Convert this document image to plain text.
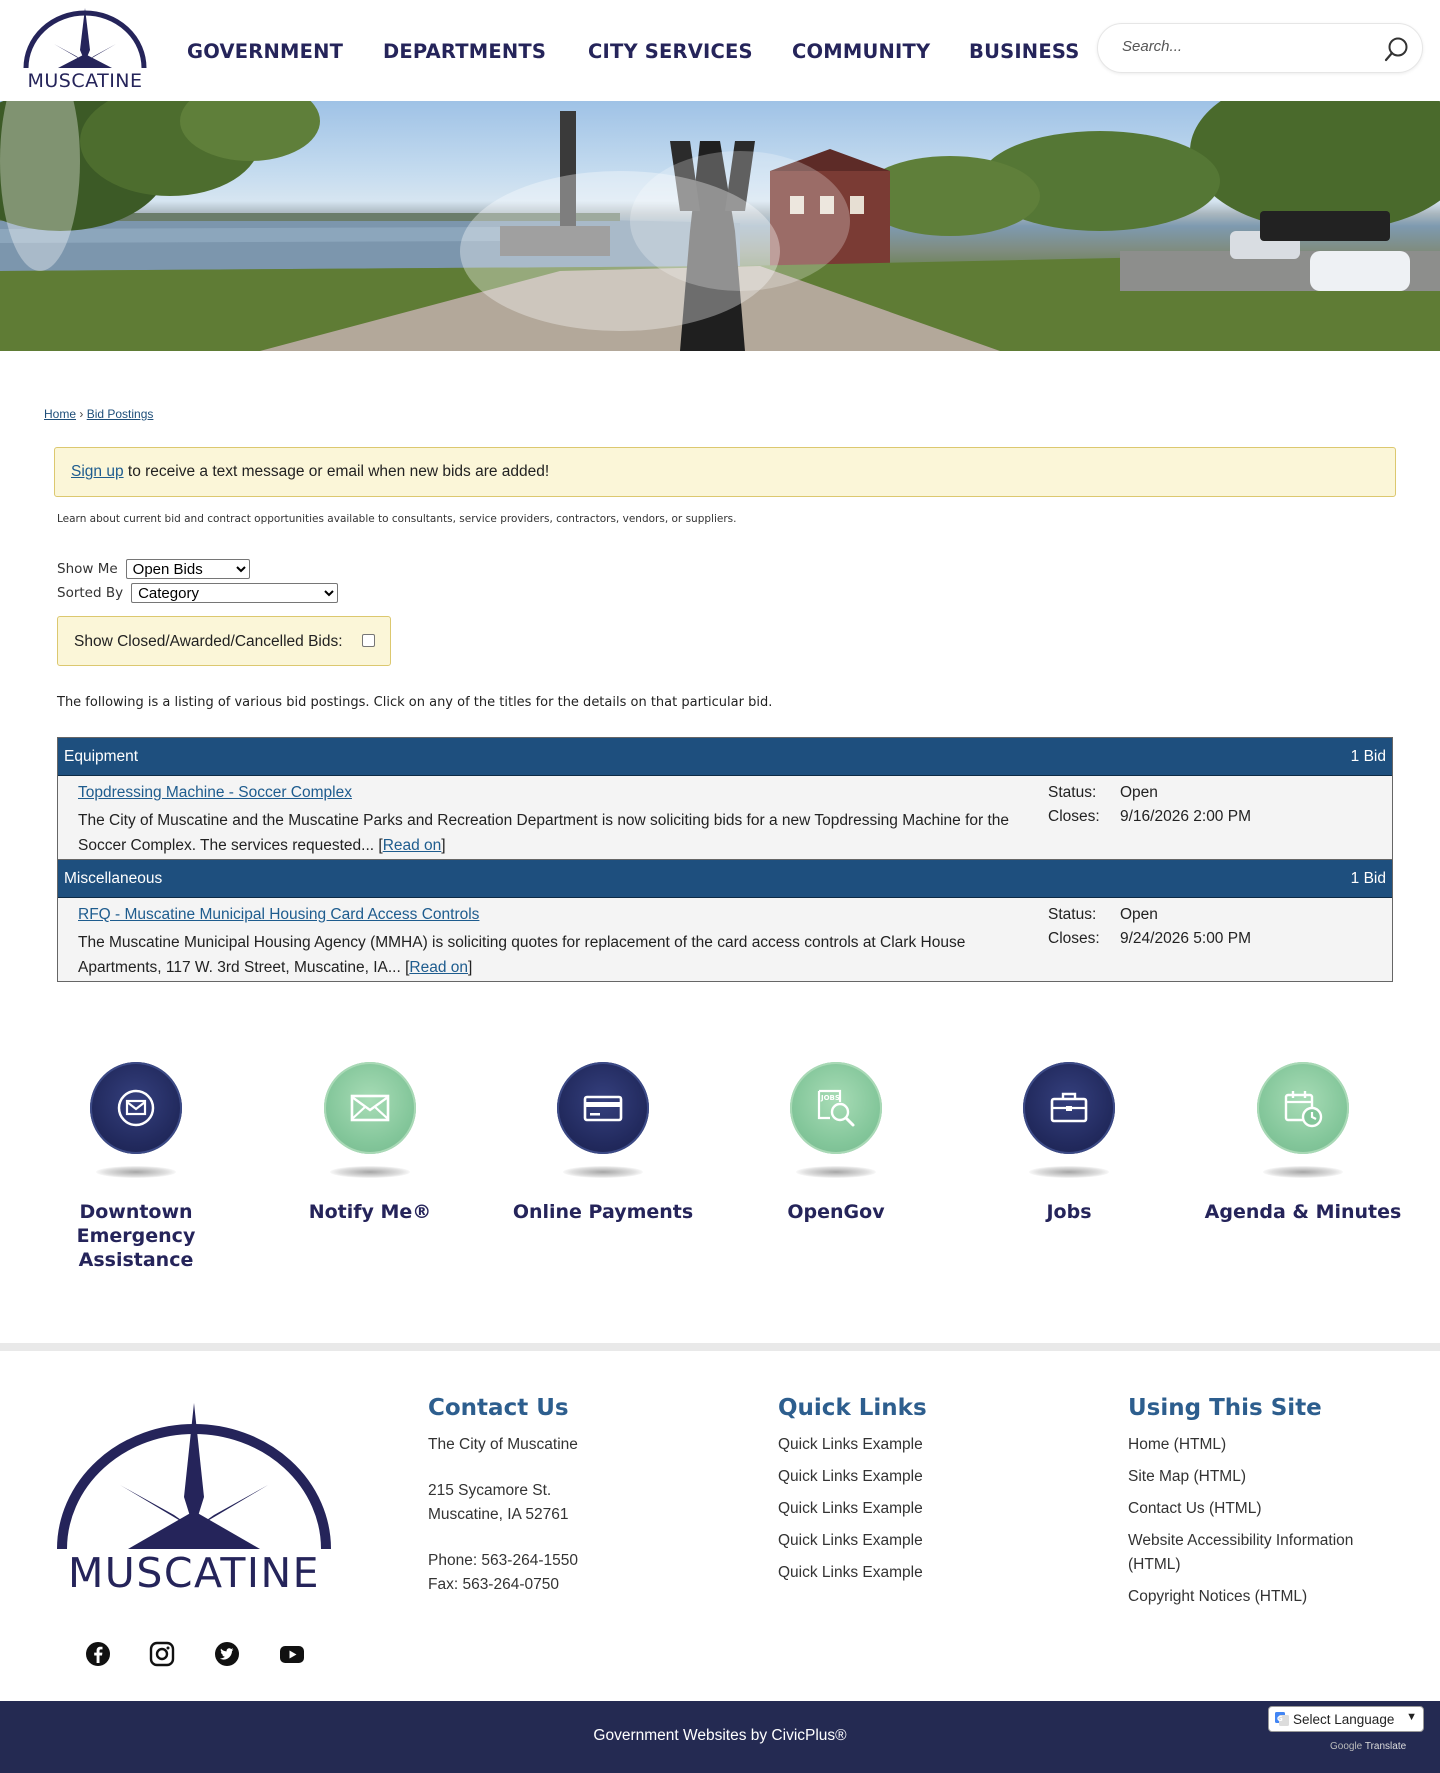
MUSCATINE
GOVERNMENT DEPARTMENTS CITY SERVICES COMMUNITY BUSINESS
Search...
Home › Bid Postings
Sign up to receive a text message or email when new bids are added!
Learn about current bid and contract opportunities available to consultants, service providers, contractors, vendors, or suppliers.
Show Me
Open Bids
Sorted By
Category
Show Closed/Awarded/Cancelled Bids:
The following is a listing of various bid postings. Click on any of the titles for the details on that particular bid.
Equipment	1 Bid
Topdressing Machine - Soccer Complex
The City of Muscatine and the Muscatine Parks and Recreation Department is now soliciting bids for a new Topdressing Machine for the Soccer Complex. The services requested... [Read on]
Status: Open
Closes: 9/16/2026 2:00 PM
Miscellaneous	1 Bid
RFQ - Muscatine Municipal Housing Card Access Controls
The Muscatine Municipal Housing Agency (MMHA) is soliciting quotes for replacement of the card access controls at Clark House Apartments, 117 W. 3rd Street, Muscatine, IA... [Read on]
Status: Open
Closes: 9/24/2026 5:00 PM
Downtown Emergency Assistance
Notify Me®	Online Payments
JOBS
OpenGov	Jobs	Agenda & Minutes
MUSCATINE
Contact Us
The City of Muscatine
215 Sycamore St.
Muscatine, IA 52761
Phone: 563-264-1550
Fax: 563-264-0750
Quick Links
Quick Links Example
Quick Links Example
Quick Links Example
Quick Links Example
Quick Links Example
Using This Site
Home (HTML)
Site Map (HTML)
Contact Us (HTML)
Website Accessibility Information (HTML)
Copyright Notices (HTML)
Government Websites by CivicPlus®
G Select Language ▼
Google Translate
